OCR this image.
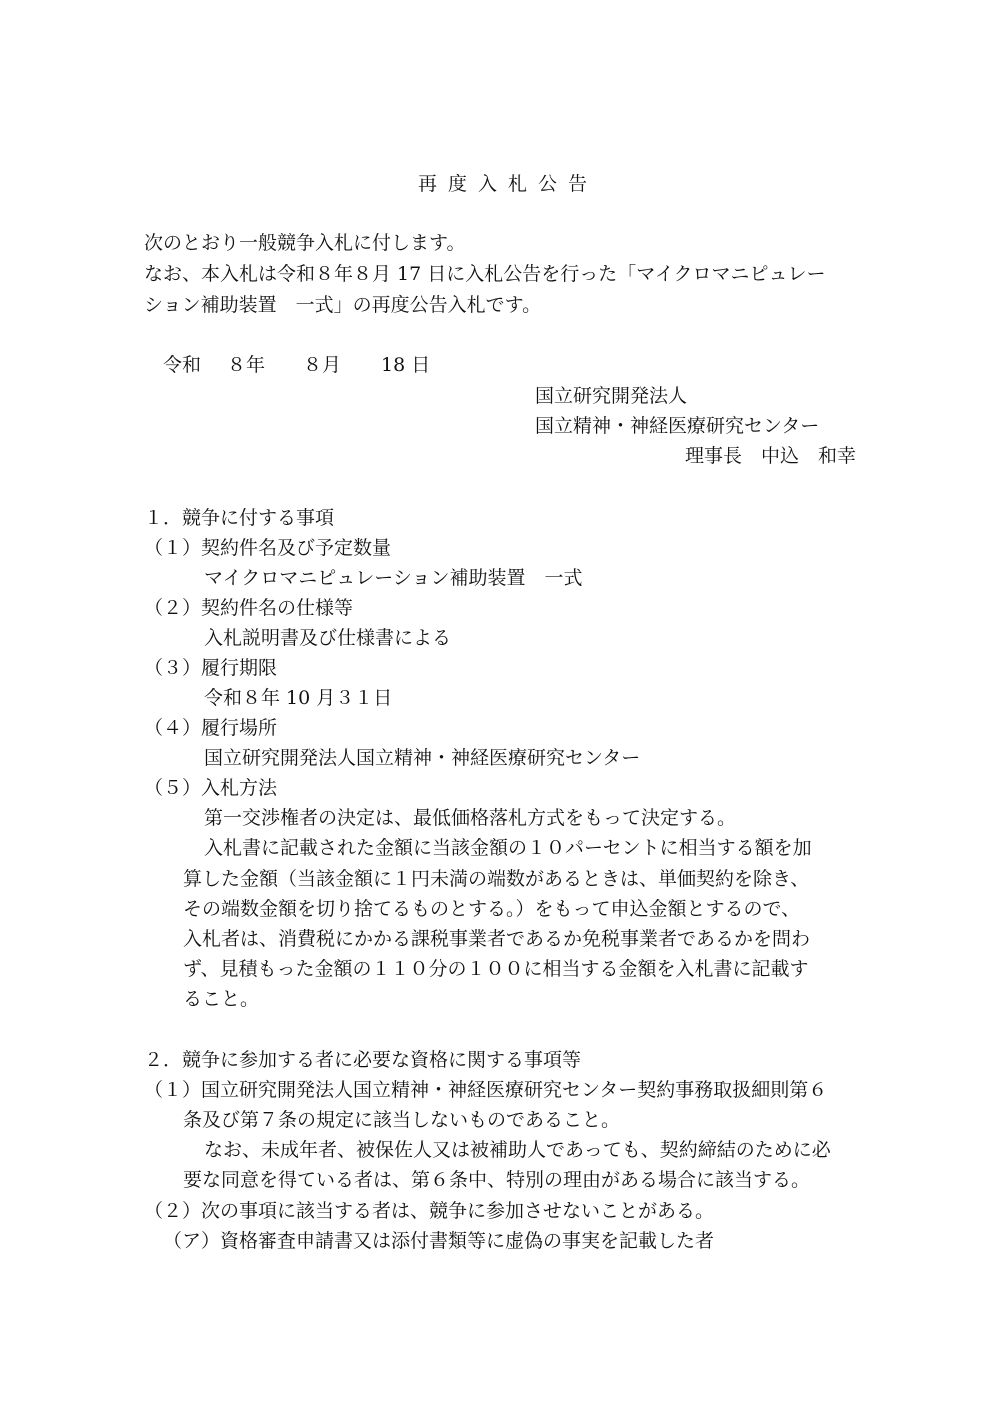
再度入札公告
次のとおり一般競争入札に付します。
なお、本入札は令和８年８月 17 日に入札公告を行った「マイクロマニピュレー
ション補助装置　一式」の再度公告入札です。
令和 ８年 ８月 18 日
国立研究開発法人
国立精神・神経医療研究センター
理事長　中込　和幸
１．競争に付する事項
（１）契約件名及び予定数量
マイクロマニピュレーション補助装置　一式
（２）契約件名の仕様等
入札説明書及び仕様書による
（３）履行期限
令和８年 10 月３１日
（４）履行場所
国立研究開発法人国立精神・神経医療研究センター
（５）入札方法
第一交渉権者の決定は、最低価格落札方式をもって決定する。
入札書に記載された金額に当該金額の１０パーセントに相当する額を加
算した金額（当該金額に１円未満の端数があるときは、単価契約を除き、
その端数金額を切り捨てるものとする。）をもって申込金額とするので、
入札者は、消費税にかかる課税事業者であるか免税事業者であるかを問わ
ず、見積もった金額の１１０分の１００に相当する金額を入札書に記載す
ること。
２．競争に参加する者に必要な資格に関する事項等
（１）国立研究開発法人国立精神・神経医療研究センター契約事務取扱細則第６
条及び第７条の規定に該当しないものであること。
なお、未成年者、被保佐人又は被補助人であっても、契約締結のために必
要な同意を得ている者は、第６条中、特別の理由がある場合に該当する。
（２）次の事項に該当する者は、競争に参加させないことがある。
（ア）資格審査申請書又は添付書類等に虚偽の事実を記載した者
